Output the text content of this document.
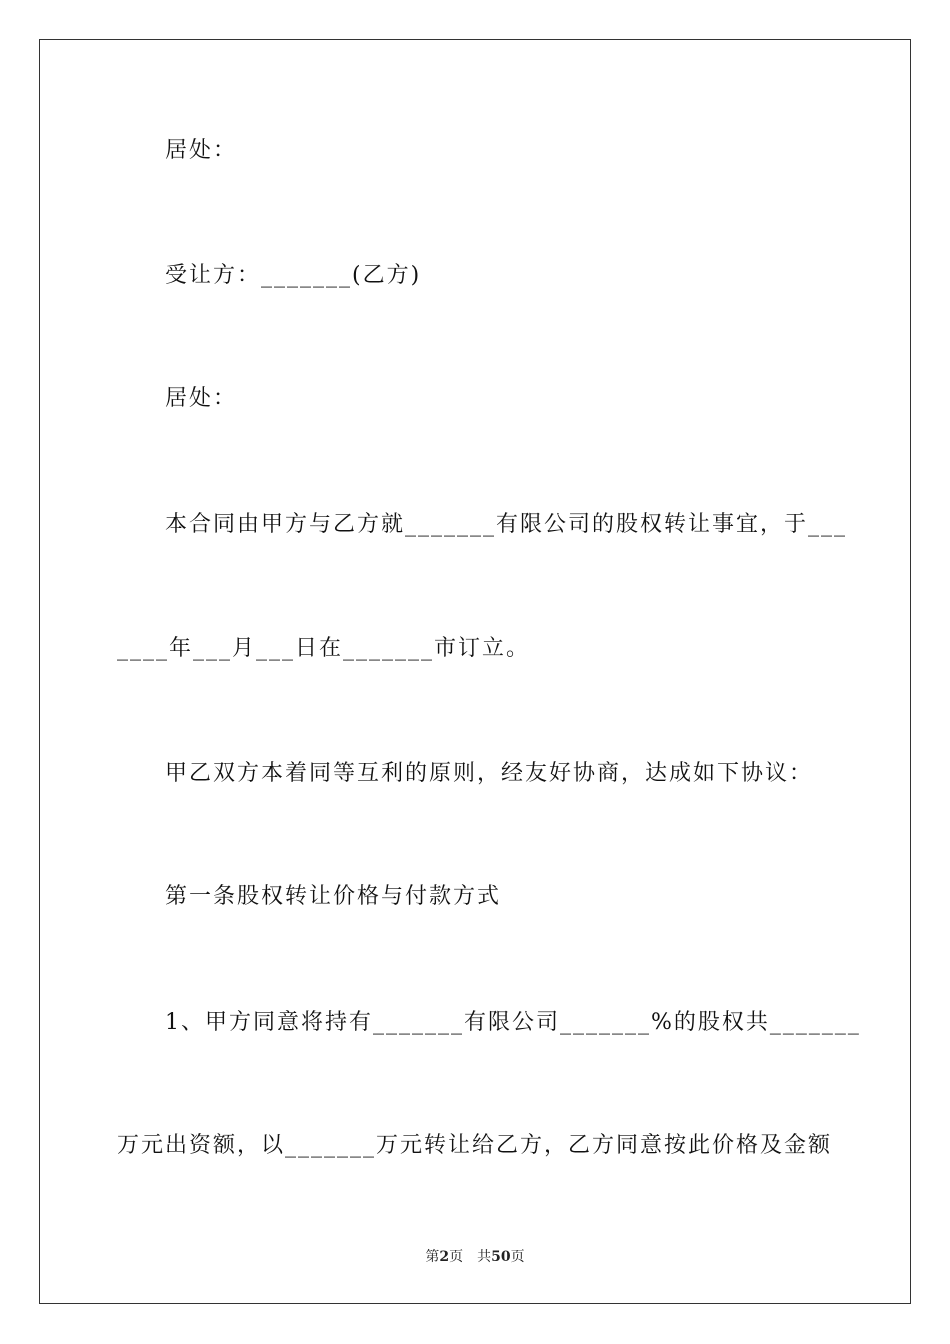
居处：
受让方：_______(乙方)
居处：
本合同由甲方与乙方就_______有限公司的股权转让事宜，于___
____年___月___日在_______市订立。
甲乙双方本着同等互利的原则，经友好协商，达成如下协议：
第一条股权转让价格与付款方式
1、甲方同意将持有_______有限公司_______%的股权共_______
万元出资额，以_______万元转让给乙方，乙方同意按此价格及金额
第2页 共50页
